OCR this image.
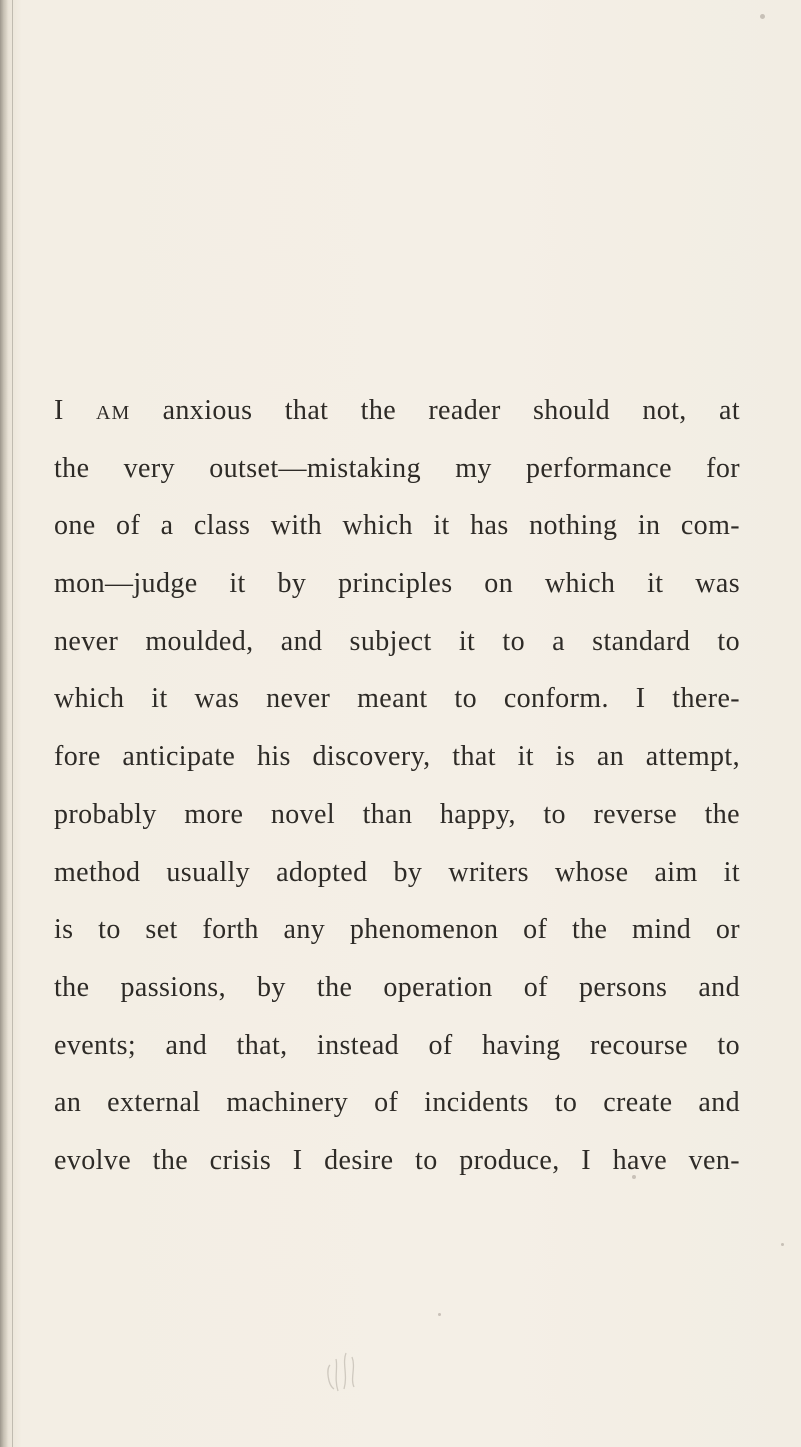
I am anxious that the reader should not, at
the very outset—mistaking my performance for
one of a class with which it has nothing in com-
mon—judge it by principles on which it was
never moulded, and subject it to a standard to
which it was never meant to conform. I there-
fore anticipate his discovery, that it is an attempt,
probably more novel than happy, to reverse the
method usually adopted by writers whose aim it
is to set forth any phenomenon of the mind or
the passions, by the operation of persons and
events; and that, instead of having recourse to
an external machinery of incidents to create and
evolve the crisis I desire to produce, I have ven-
